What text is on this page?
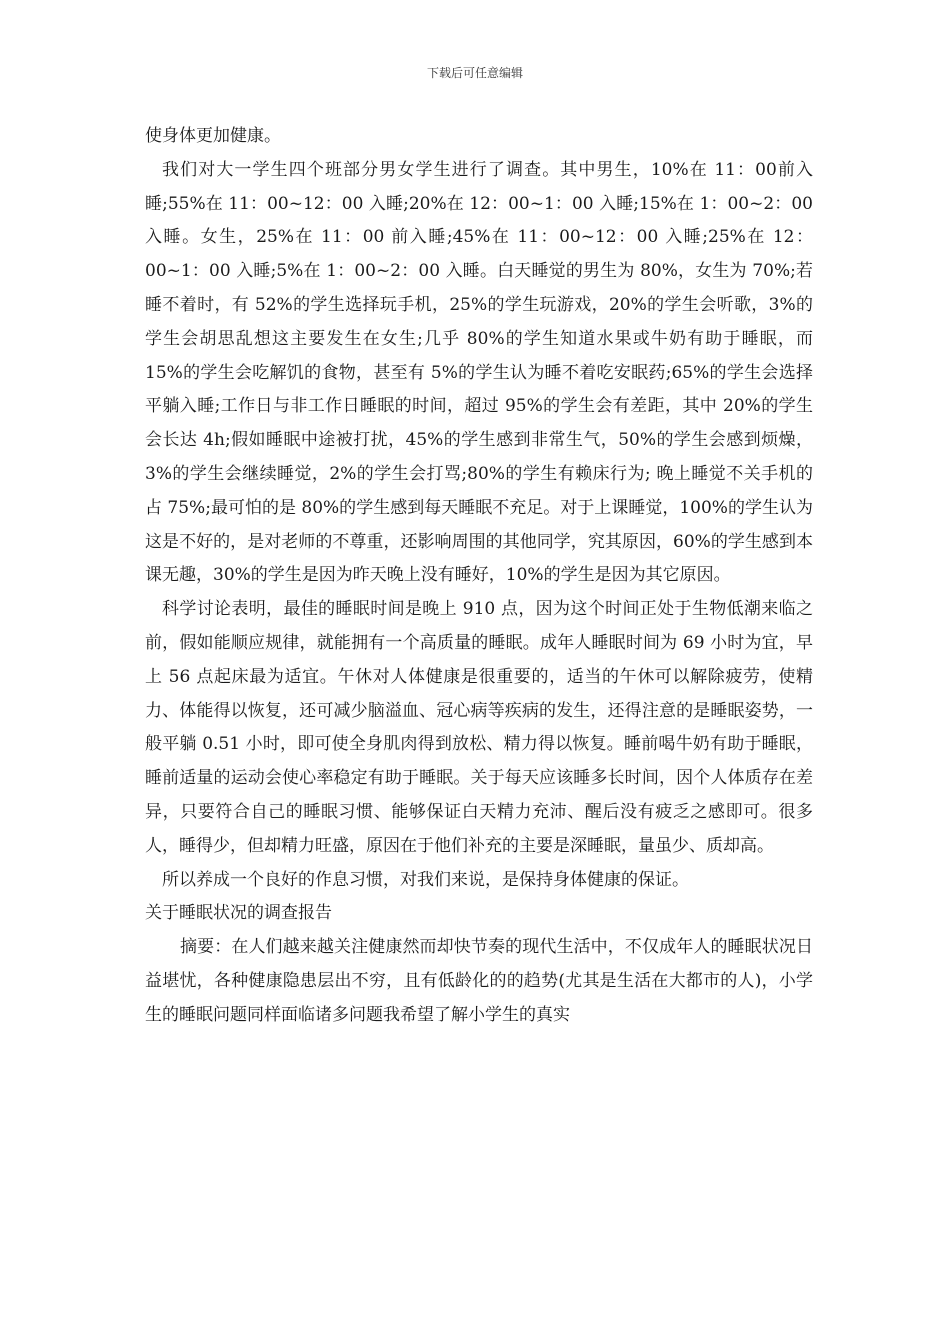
下载后可任意编辑

使身体更加健康。

我们对大一学生四个班部分男女学生进行了调查。其中男生，10%在 11：00前入睡;55%在 11：00~12：00 入睡;20%在 12：00~1：00 入睡;15%在 1：00~2：00 入睡。女生，25%在 11：00 前入睡;45%在 11：00~12：00 入睡;25%在 12：00~1：00 入睡;5%在 1：00~2：00 入睡。白天睡觉的男生为 80%，女生为 70%;若睡不着时，有 52%的学生选择玩手机，25%的学生玩游戏，20%的学生会听歌，3%的学生会胡思乱想这主要发生在女生;几乎 80%的学生知道水果或牛奶有助于睡眠，而 15%的学生会吃解饥的食物，甚至有 5%的学生认为睡不着吃安眠药;65%的学生会选择平躺入睡;工作日与非工作日睡眠的时间，超过 95%的学生会有差距，其中 20%的学生会长达 4h;假如睡眠中途被打扰，45%的学生感到非常生气，50%的学生会感到烦燥，3%的学生会继续睡觉，2%的学生会打骂;80%的学生有赖床行为; 晚上睡觉不关手机的占 75%;最可怕的是 80%的学生感到每天睡眠不充足。对于上课睡觉，100%的学生认为这是不好的，是对老师的不尊重，还影响周围的其他同学，究其原因，60%的学生感到本课无趣，30%的学生是因为昨天晚上没有睡好，10%的学生是因为其它原因。

科学讨论表明，最佳的睡眠时间是晚上 910 点，因为这个时间正处于生物低潮来临之前，假如能顺应规律，就能拥有一个高质量的睡眠。成年人睡眠时间为 69 小时为宜，早上 56 点起床最为适宜。午休对人体健康是很重要的，适当的午休可以解除疲劳，使精力、体能得以恢复，还可减少脑溢血、冠心病等疾病的发生，还得注意的是睡眠姿势，一般平躺 0.51 小时，即可使全身肌肉得到放松、精力得以恢复。睡前喝牛奶有助于睡眠，睡前适量的运动会使心率稳定有助于睡眠。关于每天应该睡多长时间，因个人体质存在差异，只要符合自己的睡眠习惯、能够保证白天精力充沛、醒后没有疲乏之感即可。很多人，睡得少，但却精力旺盛，原因在于他们补充的主要是深睡眠，量虽少、质却高。

所以养成一个良好的作息习惯，对我们来说，是保持身体健康的保证。

关于睡眠状况的调查报告

摘要：在人们越来越关注健康然而却快节奏的现代生活中，不仅成年人的睡眠状况日益堪忧，各种健康隐患层出不穷，且有低龄化的的趋势(尤其是生活在大都市的人)，小学生的睡眠问题同样面临诸多问题我希望了解小学生的真实
